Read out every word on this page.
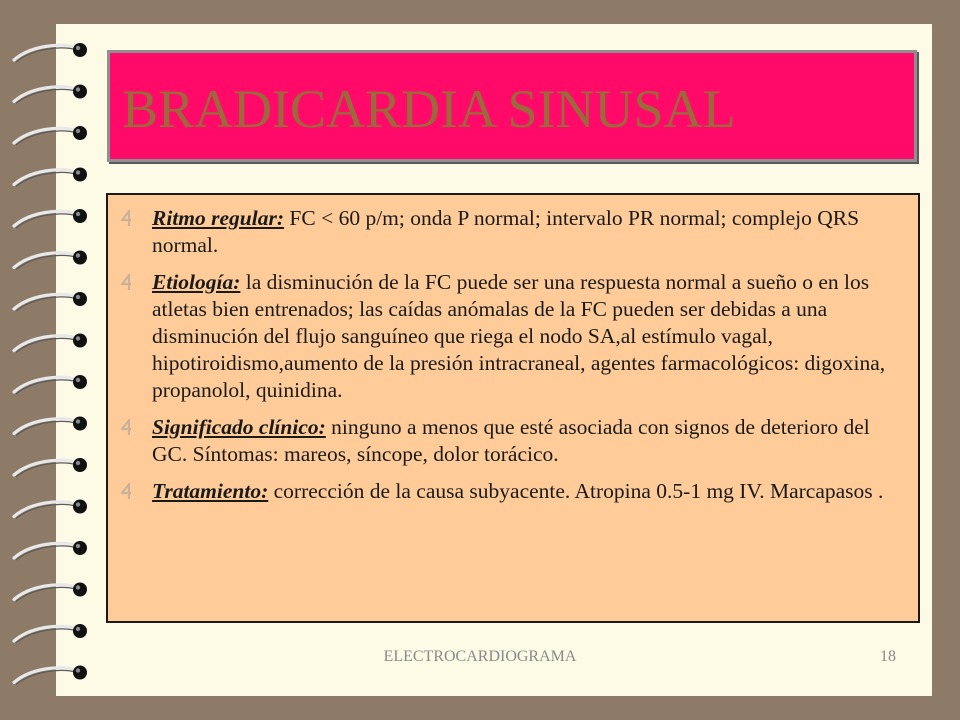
BRADICARDIA SINUSAL
Ritmo regular: FC < 60 p/m; onda P normal; intervalo PR normal; complejo QRS normal.
Etiología: la disminución de la FC puede ser una respuesta normal a sueño o en los atletas bien entrenados; las caídas anómalas de la FC pueden ser debidas a una disminución del flujo sanguíneo que riega el nodo SA,al estímulo vagal, hipotiroidismo,aumento de la presión intracraneal, agentes farmacológicos: digoxina, propanolol, quinidina.
Significado clínico: ninguno a menos que esté asociada con signos de deterioro del GC. Síntomas: mareos, síncope, dolor torácico.
Tratamiento: corrección de la causa subyacente. Atropina 0.5-1 mg IV. Marcapasos .
ELECTROCARDIOGRAMA	18
